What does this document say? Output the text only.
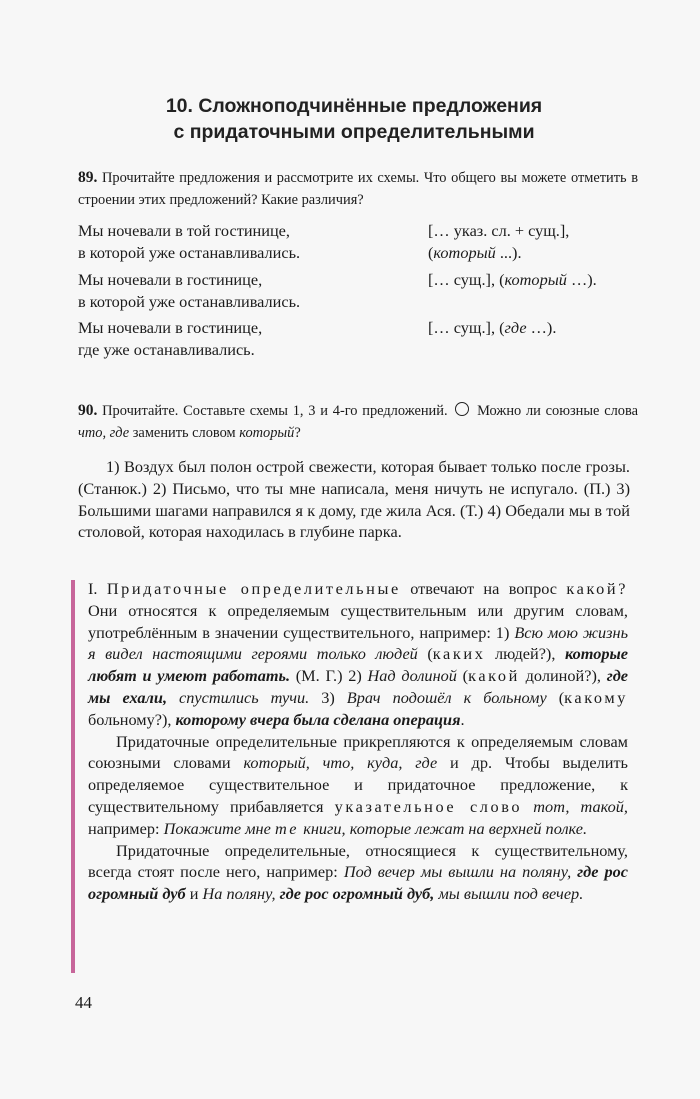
10. Сложноподчинённые предложения
с придаточными определительными
89. Прочитайте предложения и рассмотрите их схемы. Что общего вы можете отметить в строении этих предложений? Какие различия?
Мы ночевали в той гостинице,
в которой уже останавливались.
[… указ. сл. + сущ.],
(который ...).
Мы ночевали в гостинице,
в которой уже останавливались.
[… сущ.], (который …).
Мы ночевали в гостинице,
где уже останавливались.
[… сущ.], (где …).
90. Прочитайте. Составьте схемы 1, 3 и 4-го предложений. Можно ли союзные слова что, где заменить словом который?
1) Воздух был полон острой свежести, которая бывает только после грозы. (Станюк.) 2) Письмо, что ты мне написала, меня ничуть не испугало. (П.) 3) Большими шагами направился я к дому, где жила Ася. (Т.) 4) Обедали мы в той столовой, которая находилась в глубине парка.

I. Придаточные определительные отвечают на вопрос какой? Они относятся к определяемым существительным или другим словам, употреблённым в значении существительного, например: 1) Всю мою жизнь я видел настоящими героями только людей (каких людей?), которые любят и умеют работать. (М. Г.) 2) Над долиной (какой долиной?), где мы ехали, спустились тучи. 3) Врач подошёл к больному (какому больному?), которому вчера была сделана операция.

Придаточные определительные прикрепляются к определяемым словам союзными словами который, что, куда, где и др. Чтобы выделить определяемое существительное и придаточное предложение, к существительному прибавляется указательное слово тот, такой, например: Покажите мне те книги, которые лежат на верхней полке.

Придаточные определительные, относящиеся к существительному, всегда стоят после него, например: Под вечер мы вышли на поляну, где рос огромный дуб и На поляну, где рос огромный дуб, мы вышли под вечер.

44
